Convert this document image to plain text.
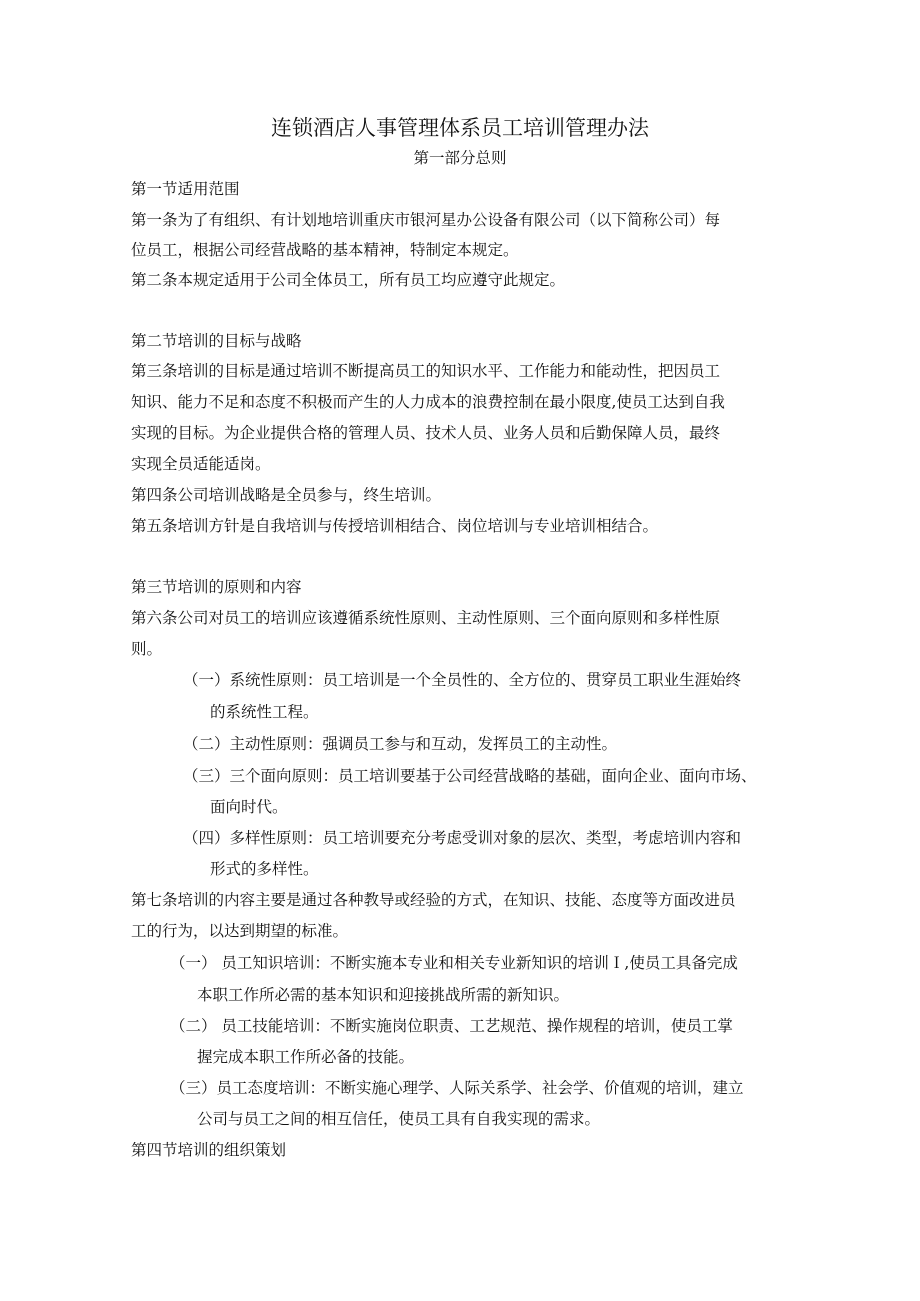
连锁酒店人事管理体系员工培训管理办法
第一部分总则
第一节适用范围
第一条为了有组织、有计划地培训重庆市银河星办公设备有限公司（以下简称公司）每
位员工，根据公司经营战略的基本精神，特制定本规定。
第二条本规定适用于公司全体员工，所有员工均应遵守此规定。
第二节培训的目标与战略
第三条培训的目标是通过培训不断提高员工的知识水平、工作能力和能动性，把因员工
知识、能力不足和态度不积极而产生的人力成本的浪费控制在最小限度,使员工达到自我
实现的目标。为企业提供合格的管理人员、技术人员、业务人员和后勤保障人员，最终
实现全员适能适岗。
第四条公司培训战略是全员参与，终生培训。
第五条培训方针是自我培训与传授培训相结合、岗位培训与专业培训相结合。
第三节培训的原则和内容
第六条公司对员工的培训应该遵循系统性原则、主动性原则、三个面向原则和多样性原
则。
（一）系统性原则：员工培训是一个全员性的、全方位的、贯穿员工职业生涯始终
的系统性工程。
（二）主动性原则：强调员工参与和互动，发挥员工的主动性。
（三）三个面向原则：员工培训要基于公司经营战略的基础，面向企业、面向市场、
面向时代。
（四）多样性原则：员工培训要充分考虑受训对象的层次、类型，考虑培训内容和
形式的多样性。
第七条培训的内容主要是通过各种教导或经验的方式，在知识、技能、态度等方面改进员
工的行为，以达到期望的标准。
（一） 员工知识培训：不断实施本专业和相关专业新知识的培训Ｉ,使员工具备完成
本职工作所必需的基本知识和迎接挑战所需的新知识。
（二） 员工技能培训：不断实施岗位职责、工艺规范、操作规程的培训，使员工掌
握完成本职工作所必备的技能。
（三）员工态度培训：不断实施心理学、人际关系学、社会学、价值观的培训，建立
公司与员工之间的相互信任，使员工具有自我实现的需求。
第四节培训的组织策划
